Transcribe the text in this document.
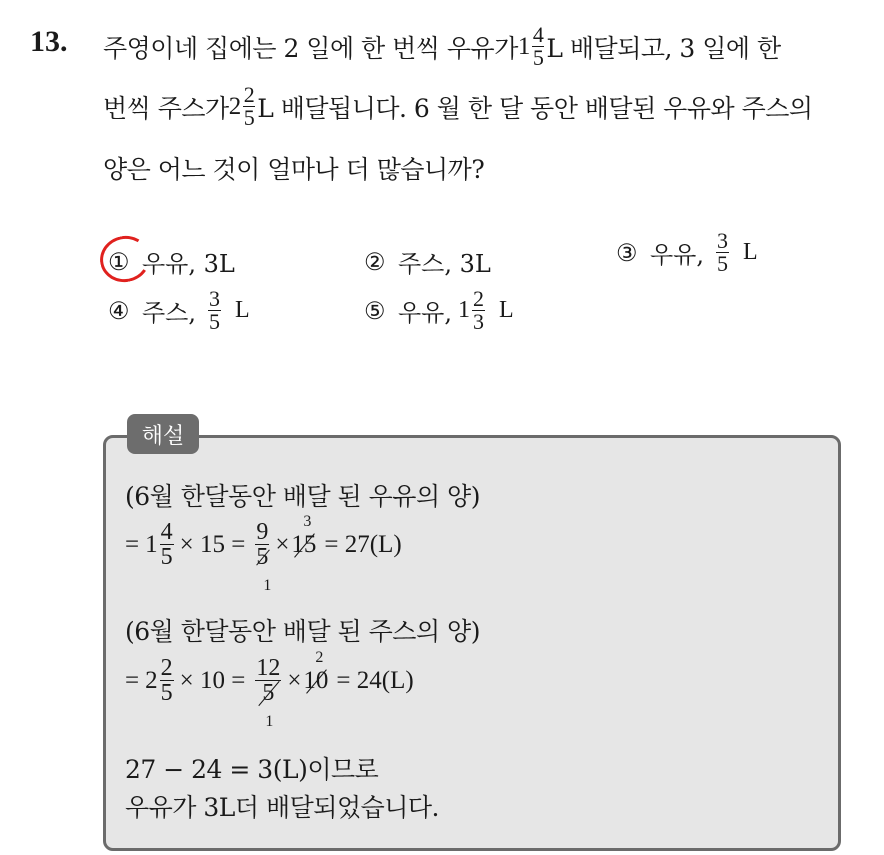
13. 주영이네 집에는 2 일에 한 번씩 우유가 $1 \frac{4}{5}$ L 배달되고, 3 일에 한
번씩 주스가 $2 \frac{2}{5}$ L 배달됩니다. 6 월 한 달 동안 배달된 우유와 주스의
양은 어느 것이 얼마나 더 많습니까?
① 우유, 3L	② 주스, 3L	③ 우유, $\frac{3}{5}$ L
④ 주스, $\frac{3}{5}$ L	⑤ 우유, $1 \frac{2}{3}$ L
해설
(6월 한달동안 배달 된 우유의 양)
= $1 \frac{4}{5} \times 15 = 9$
5
1
×
3
15 = 27(L)
(6월 한달동안 배달 된 주스의 양)
= $2 \frac{2}{5} \times 10 = 12$
5
1
×
2
10 = 24(L)
27 − 24 = 3(L)이므로
우유가 3L더 배달되었습니다.
